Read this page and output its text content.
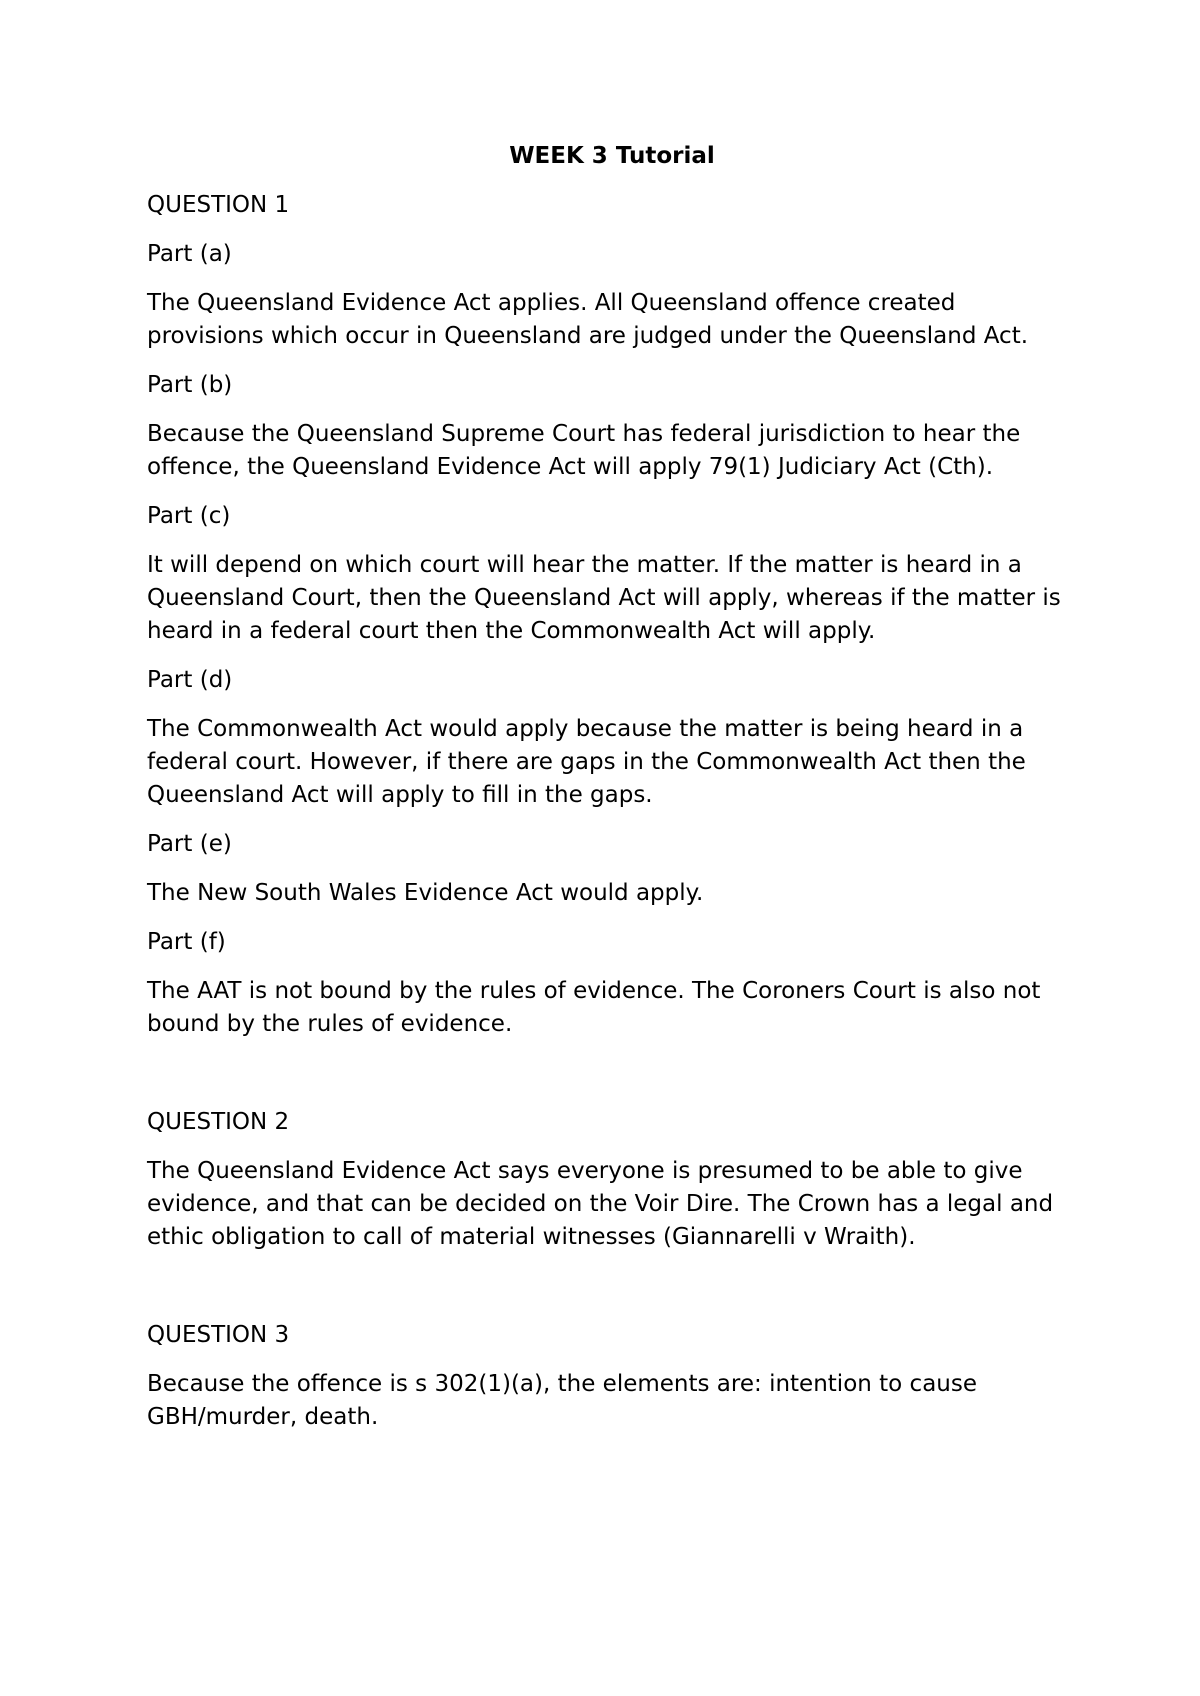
WEEK 3 Tutorial
QUESTION 1
Part (a)
The Queensland Evidence Act applies. All Queensland offence created provisions which occur in Queensland are judged under the Queensland Act.
Part (b)
Because the Queensland Supreme Court has federal jurisdiction to hear the offence, the Queensland Evidence Act will apply 79(1) Judiciary Act (Cth).
Part (c)
It will depend on which court will hear the matter. If the matter is heard in a Queensland Court, then the Queensland Act will apply, whereas if the matter is heard in a federal court then the Commonwealth Act will apply.
Part (d)
The Commonwealth Act would apply because the matter is being heard in a federal court. However, if there are gaps in the Commonwealth Act then the Queensland Act will apply to fill in the gaps.
Part (e)
The New South Wales Evidence Act would apply.
Part (f)
The AAT is not bound by the rules of evidence. The Coroners Court is also not bound by the rules of evidence.
QUESTION 2
The Queensland Evidence Act says everyone is presumed to be able to give evidence, and that can be decided on the Voir Dire. The Crown has a legal and ethic obligation to call of material witnesses (Giannarelli v Wraith).
QUESTION 3
Because the offence is s 302(1)(a), the elements are: intention to cause GBH/murder, death.
